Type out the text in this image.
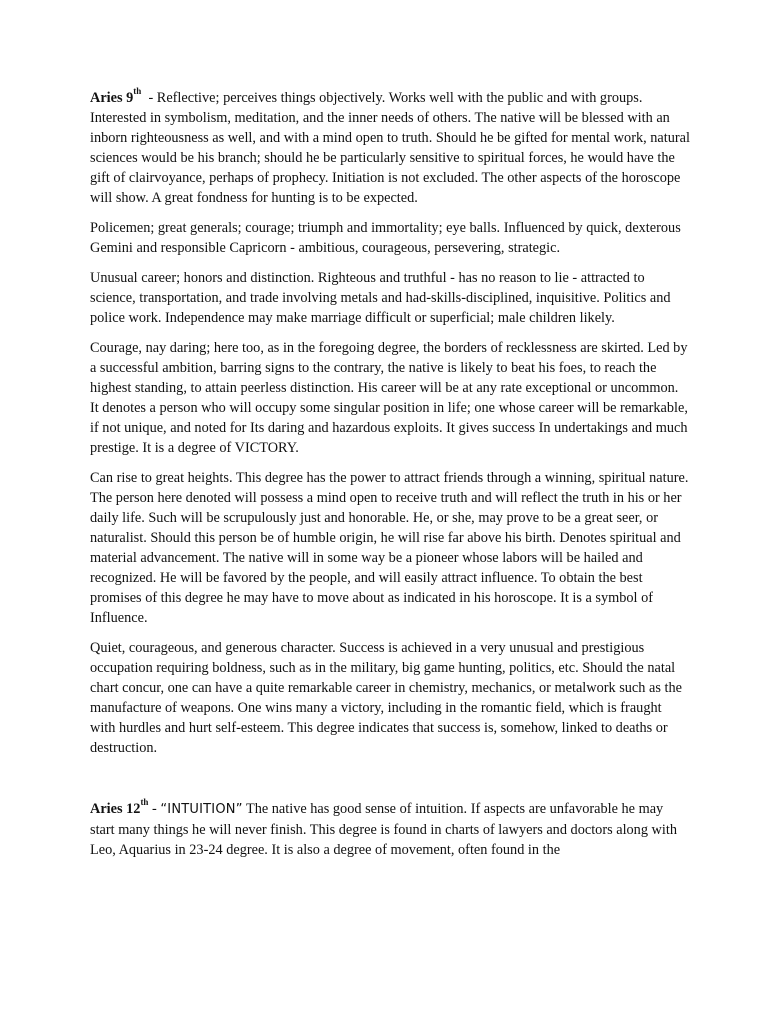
Aries 9th  - Reflective; perceives things objectively. Works well with the public and with groups. Interested in symbolism, meditation, and the inner needs of others. The native will be blessed with an inborn righteousness as well, and with a mind open to truth. Should he be gifted for mental work, natural sciences would be his branch; should he be particularly sensitive to spiritual forces, he would have the gift of clairvoyance, perhaps of prophecy. Initiation is not excluded. The other aspects of the horoscope will show. A great fondness for hunting is to be expected.

Policemen; great generals; courage; triumph and immortality; eye balls. Influenced by quick, dexterous Gemini and responsible Capricorn - ambitious, courageous, persevering, strategic.

Unusual career; honors and distinction. Righteous and truthful - has no reason to lie - attracted to science, transportation, and trade involving metals and had-skills-disciplined, inquisitive. Politics and police work. Independence may make marriage difficult or superficial; male children likely.

Courage, nay daring; here too, as in the foregoing degree, the borders of recklessness are skirted. Led by a successful ambition, barring signs to the contrary, the native is likely to beat his foes, to reach the highest standing, to attain peerless distinction. His career will be at any rate exceptional or uncommon. It denotes a person who will occupy some singular position in life; one whose career will be remarkable, if not unique, and noted for Its daring and hazardous exploits. It gives success In undertakings and much prestige. It is a degree of VICTORY.

Can rise to great heights. This degree has the power to attract friends through a winning, spiritual nature. The person here denoted will possess a mind open to receive truth and will reflect the truth in his or her daily life. Such will be scrupulously just and honorable. He, or she, may prove to be a great seer, or naturalist. Should this person be of humble origin, he will rise far above his birth. Denotes spiritual and material advancement. The native will in some way be a pioneer whose labors will be hailed and recognized. He will be favored by the people, and will easily attract influence. To obtain the best promises of this degree he may have to move about as indicated in his horoscope. It is a symbol of Influence.

Quiet, courageous, and generous character. Success is achieved in a very unusual and prestigious occupation requiring boldness, such as in the military, big game hunting, politics, etc. Should the natal chart concur, one can have a quite remarkable career in chemistry, mechanics, or metalwork such as the manufacture of weapons. One wins many a victory, including in the romantic field, which is fraught with hurdles and hurt self-esteem. This degree indicates that success is, somehow, linked to deaths or destruction.

Aries 12th - “INTUITION” The native has good sense of intuition. If aspects are unfavorable he may start many things he will never finish. This degree is found in charts of lawyers and doctors along with Leo, Aquarius in 23-24 degree. It is also a degree of movement, often found in the
